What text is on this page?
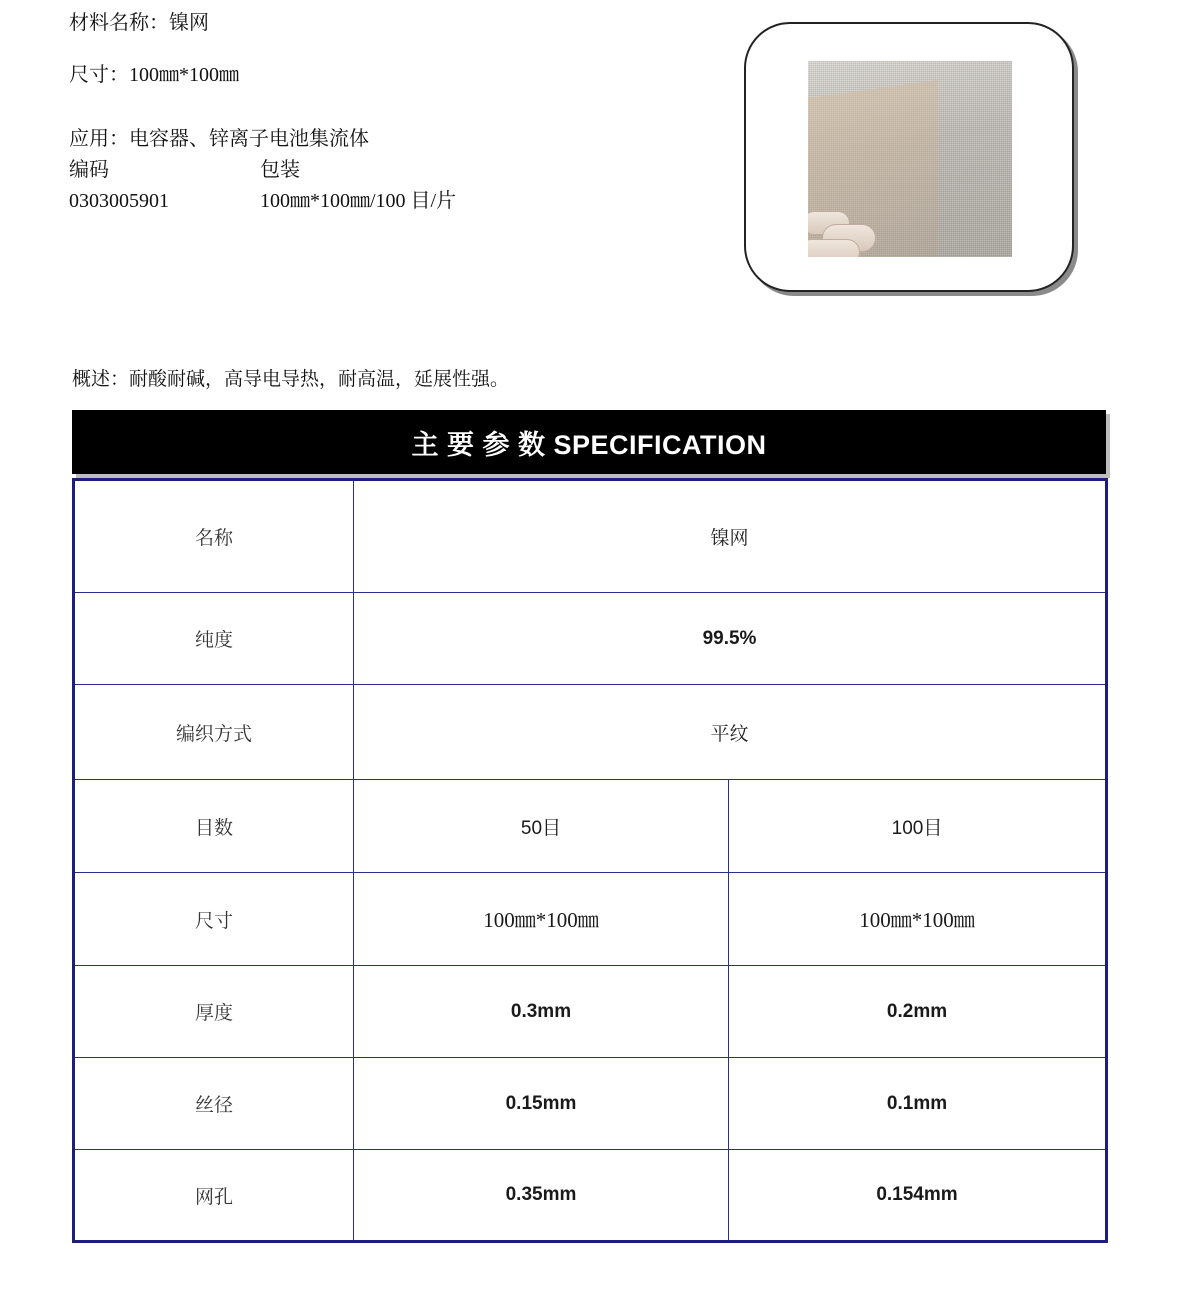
材料名称：镍网
尺寸：100㎜*100㎜
应用：电容器、锌离子电池集流体
编码	包装
0303005901	100㎜*100㎜/100 目/片
概述：耐酸耐碱，高导电导热，耐高温，延展性强。
主 要 参 数 SPECIFICATION
名称	镍网	
纯度	99.5%	
编织方式	平纹	
目数	50目	100目
尺寸	100㎜*100㎜	100㎜*100㎜
厚度	0.3mm	0.2mm
丝径	0.15mm	0.1mm
网孔	0.35mm	0.154mm
